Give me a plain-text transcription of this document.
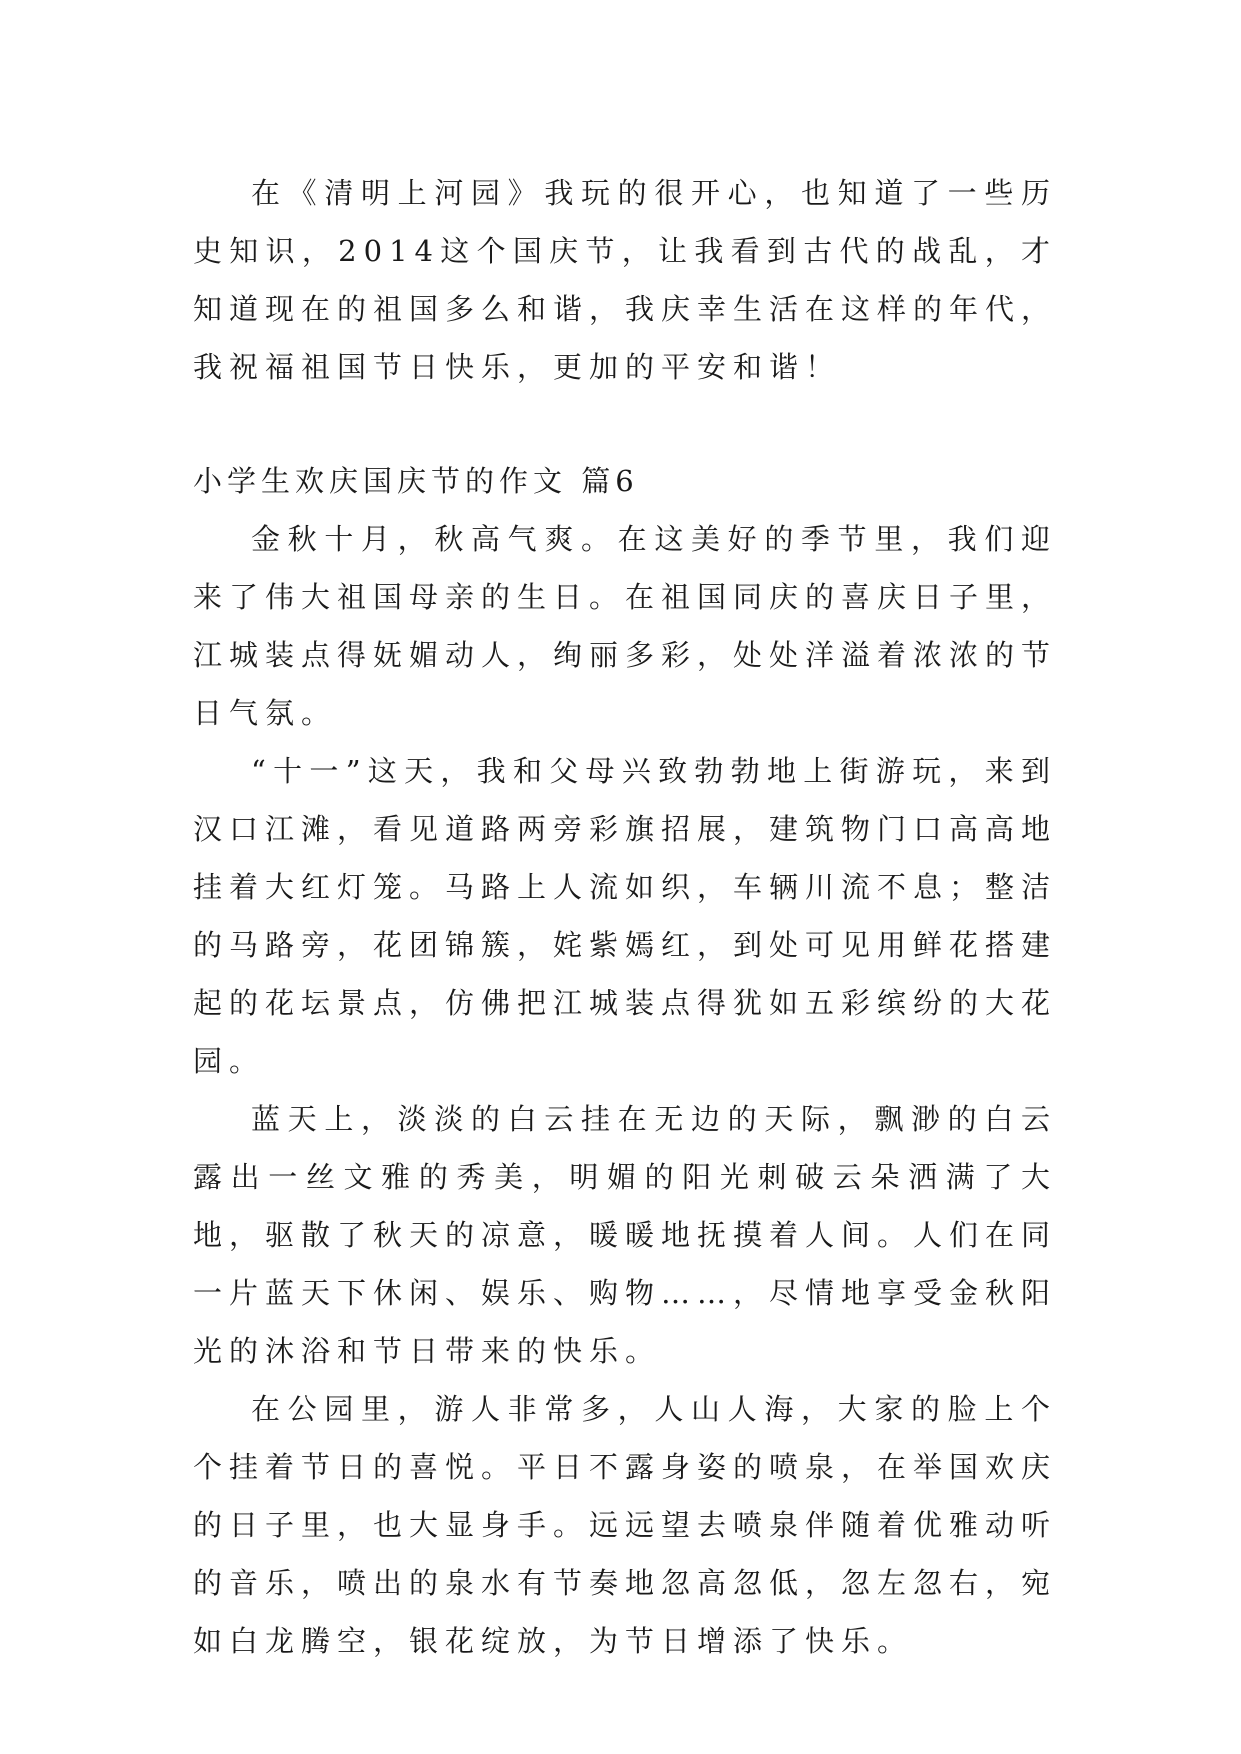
在《清明上河园》我玩的很开心，也知道了一些历史知识，2014这个国庆节，让我看到古代的战乱，才知道现在的祖国多么和谐，我庆幸生活在这样的年代，我祝福祖国节日快乐，更加的平安和谐！

小学生欢庆国庆节的作文 篇6

金秋十月，秋高气爽。在这美好的季节里，我们迎来了伟大祖国母亲的生日。在祖国同庆的喜庆日子里，江城装点得妩媚动人，绚丽多彩，处处洋溢着浓浓的节日气氛。

“十一”这天，我和父母兴致勃勃地上街游玩，来到汉口江滩，看见道路两旁彩旗招展，建筑物门口高高地挂着大红灯笼。马路上人流如织，车辆川流不息；整洁的马路旁，花团锦簇，姹紫嫣红，到处可见用鲜花搭建起的花坛景点，仿佛把江城装点得犹如五彩缤纷的大花园。

蓝天上，淡淡的白云挂在无边的天际，飘渺的白云露出一丝文雅的秀美，明媚的阳光刺破云朵洒满了大地，驱散了秋天的凉意，暖暖地抚摸着人间。人们在同一片蓝天下休闲、娱乐、购物……，尽情地享受金秋阳光的沐浴和节日带来的快乐。

在公园里，游人非常多，人山人海，大家的脸上个个挂着节日的喜悦。平日不露身姿的喷泉，在举国欢庆的日子里，也大显身手。远远望去喷泉伴随着优雅动听的音乐，喷出的泉水有节奏地忽高忽低，忽左忽右，宛如白龙腾空，银花绽放，为节日增添了快乐。
